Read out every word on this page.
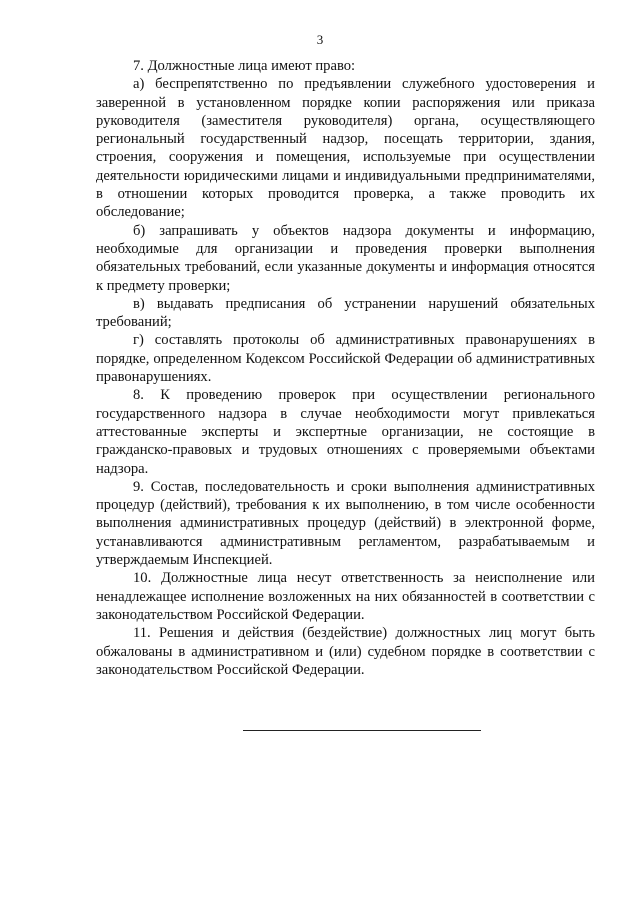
3

7. Должностные лица имеют право:

а) беспрепятственно по предъявлении служебного удостоверения и заверенной в установленном порядке копии распоряжения или приказа руководителя (заместителя руководителя) органа, осуществляющего региональный государственный надзор, посещать территории, здания, строения, сооружения и помещения, используемые при осуществлении деятельности юридическими лицами и индивидуальными предпринимателями, в отношении которых проводится проверка, а также проводить их обследование;

б) запрашивать у объектов надзора документы и информацию, необходимые для организации и проведения проверки выполнения обязательных требований, если указанные документы и информация относятся к предмету проверки;

в) выдавать предписания об устранении нарушений обязательных требований;

г) составлять протоколы об административных правонарушениях в порядке, определенном Кодексом Российской Федерации об административных правонарушениях.

8. К проведению проверок при осуществлении регионального государственного надзора в случае необходимости могут привлекаться аттестованные эксперты и экспертные организации, не состоящие в гражданско-правовых и трудовых отношениях с проверяемыми объектами надзора.

9. Состав, последовательность и сроки выполнения административных процедур (действий), требования к их выполнению, в том числе особенности выполнения административных процедур (действий) в электронной форме, устанавливаются административным регламентом, разрабатываемым и утверждаемым Инспекцией.

10. Должностные лица несут ответственность за неисполнение или ненадлежащее исполнение возложенных на них обязанностей в соответствии с законодательством Российской Федерации.

11. Решения и действия (бездействие) должностных лиц могут быть обжалованы в административном и (или) судебном порядке в соответствии с законодательством Российской Федерации.
